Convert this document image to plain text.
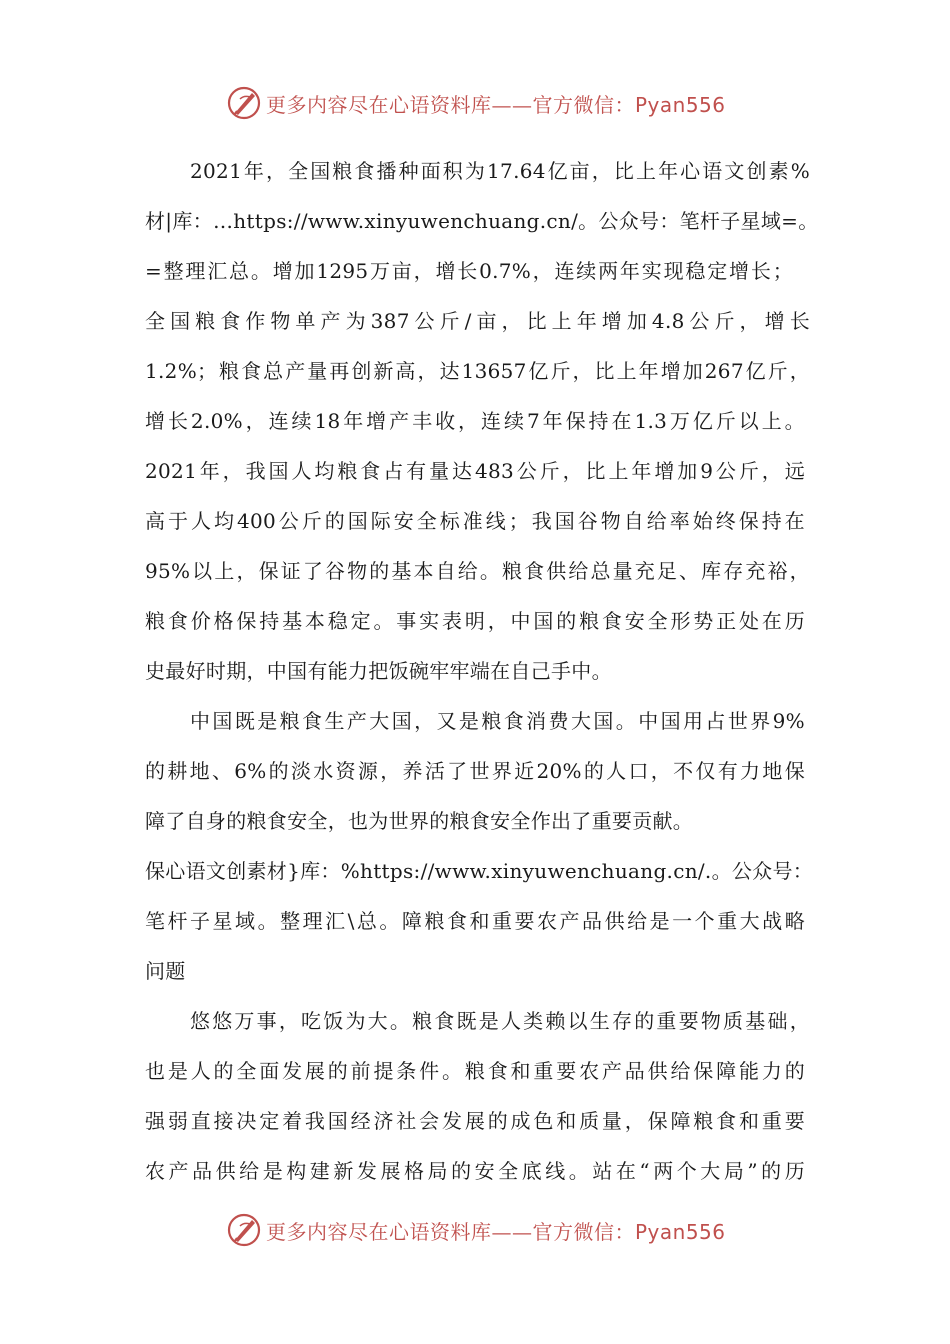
更多内容尽在心语资料库——官方微信：Pyan556
2021年，全国粮食播种面积为17.64亿亩，比上年心语文创素%
材|库：…https://www.xinyuwenchuang.cn/。公众号：笔杆子星域=。
=整理汇总。增加1295万亩，增长0.7%，连续两年实现稳定增长；
全国粮食作物单产为387公斤/亩，比上年增加4.8公斤，增长
1.2%；粮食总产量再创新高，达13657亿斤，比上年增加267亿斤，
增长2.0%，连续18年增产丰收，连续7年保持在1.3万亿斤以上。
2021年，我国人均粮食占有量达483公斤，比上年增加9公斤，远
高于人均400公斤的国际安全标准线；我国谷物自给率始终保持在
95%以上，保证了谷物的基本自给。粮食供给总量充足、库存充裕，
粮食价格保持基本稳定。事实表明，中国的粮食安全形势正处在历
史最好时期，中国有能力把饭碗牢牢端在自己手中。
中国既是粮食生产大国，又是粮食消费大国。中国用占世界9%
的耕地、6%的淡水资源，养活了世界近20%的人口，不仅有力地保
障了自身的粮食安全，也为世界的粮食安全作出了重要贡献。
保心语文创素材}库：%https://www.xinyuwenchuang.cn/.。公众号：
笔杆子星域。整理汇\总。障粮食和重要农产品供给是一个重大战略
问题
悠悠万事，吃饭为大。粮食既是人类赖以生存的重要物质基础，
也是人的全面发展的前提条件。粮食和重要农产品供给保障能力的
强弱直接决定着我国经济社会发展的成色和质量，保障粮食和重要
农产品供给是构建新发展格局的安全底线。站在“两个大局”的历
更多内容尽在心语资料库——官方微信：Pyan556
